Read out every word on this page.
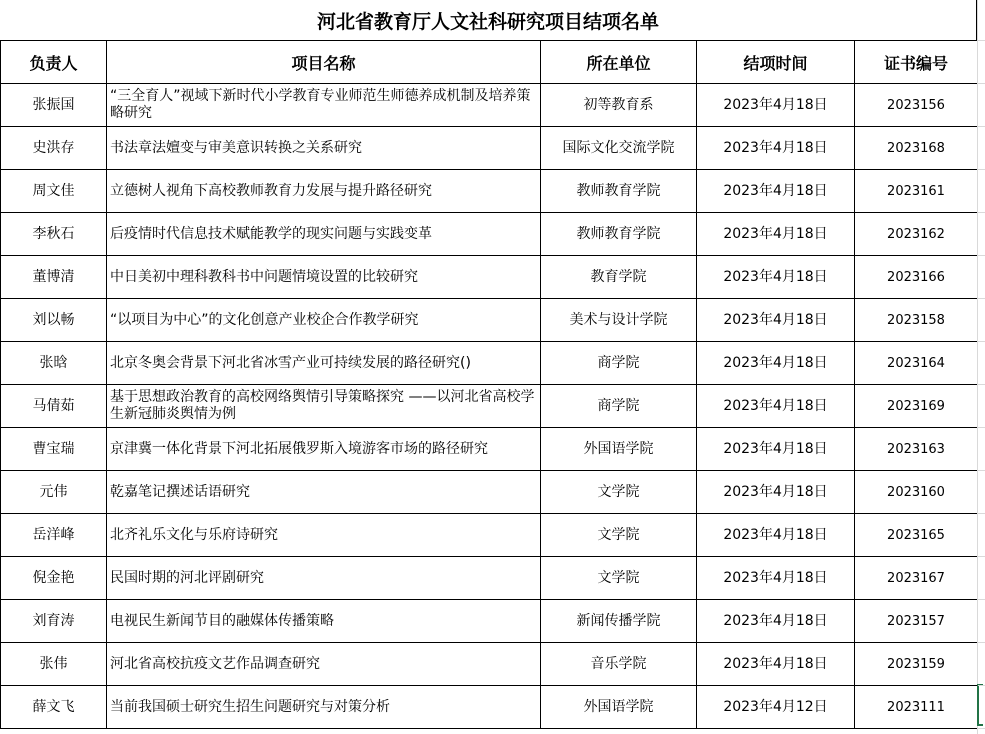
河北省教育厅人文社科研究项目结项名单
负责人	项目名称	所在单位	结项时间	证书编号
张振国	“三全育人”视域下新时代小学教育专业师范生师德养成机制及培养策略研究	初等教育系	2023年4月18日	2023156
史洪存	书法章法嬗变与审美意识转换之关系研究	国际文化交流学院	2023年4月18日	2023168
周文佳	立德树人视角下高校教师教育力发展与提升路径研究	教师教育学院	2023年4月18日	2023161
李秋石	后疫情时代信息技术赋能教学的现实问题与实践变革	教师教育学院	2023年4月18日	2023162
董博清	中日美初中理科教科书中问题情境设置的比较研究	教育学院	2023年4月18日	2023166
刘以畅	“以项目为中心”的文化创意产业校企合作教学研究	美术与设计学院	2023年4月18日	2023158
张晗	北京冬奥会背景下河北省冰雪产业可持续发展的路径研究()	商学院	2023年4月18日	2023164
马倩茹	基于思想政治教育的高校网络舆情引导策略探究 ——以河北省高校学生新冠肺炎舆情为例	商学院	2023年4月18日	2023169
曹宝瑞	京津冀一体化背景下河北拓展俄罗斯入境游客市场的路径研究	外国语学院	2023年4月18日	2023163
元伟	乾嘉笔记撰述话语研究	文学院	2023年4月18日	2023160
岳洋峰	北齐礼乐文化与乐府诗研究	文学院	2023年4月18日	2023165
倪金艳	民国时期的河北评剧研究	文学院	2023年4月18日	2023167
刘育涛	电视民生新闻节目的融媒体传播策略	新闻传播学院	2023年4月18日	2023157
张伟	河北省高校抗疫文艺作品调查研究	音乐学院	2023年4月18日	2023159
薛文飞	当前我国硕士研究生招生问题研究与对策分析	外国语学院	2023年4月12日	2023111
